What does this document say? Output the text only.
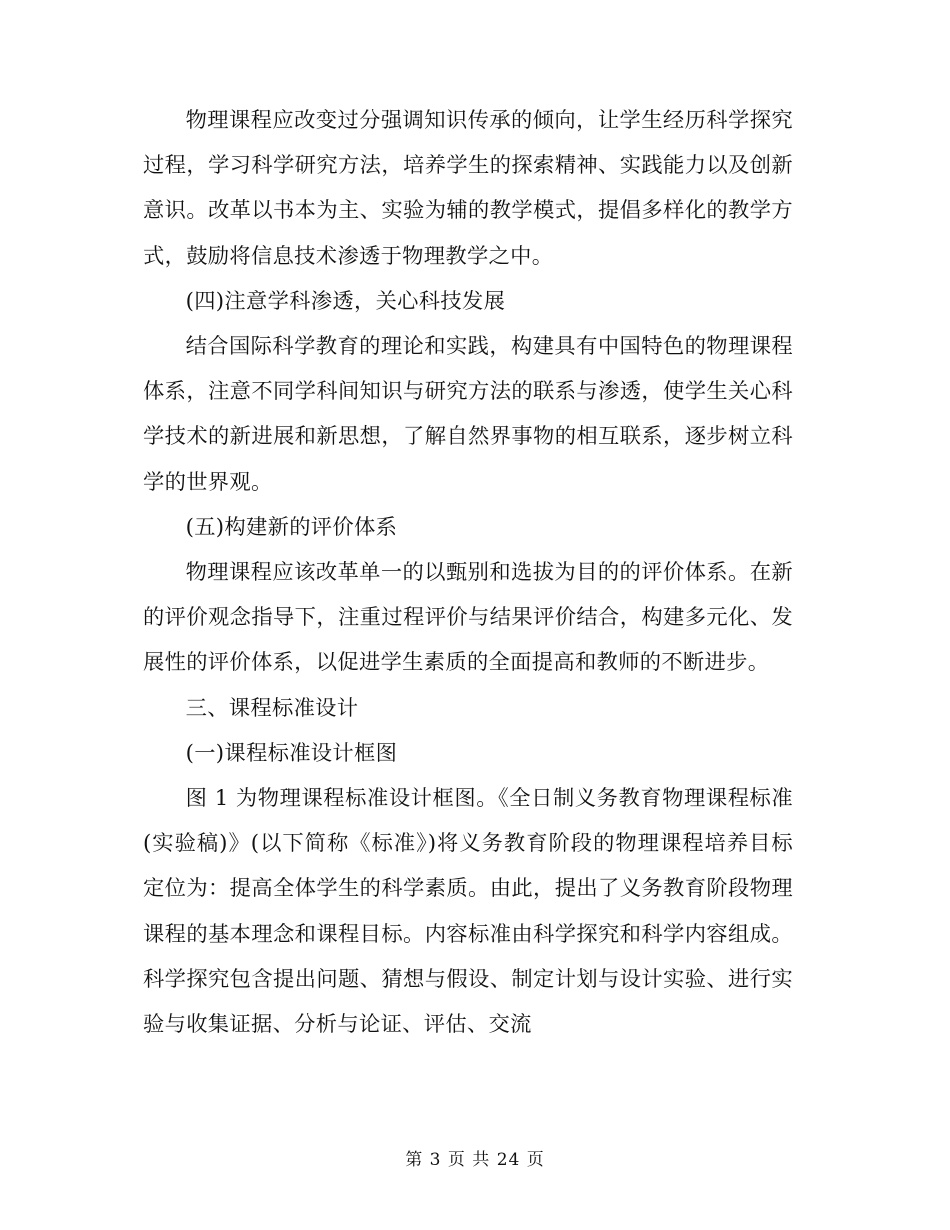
物理课程应改变过分强调知识传承的倾向，让学生经历科学探究过程，学习科学研究方法，培养学生的探索精神、实践能力以及创新意识。改革以书本为主、实验为辅的教学模式，提倡多样化的教学方式，鼓励将信息技术渗透于物理教学之中。

(四)注意学科渗透，关心科技发展

结合国际科学教育的理论和实践，构建具有中国特色的物理课程体系，注意不同学科间知识与研究方法的联系与渗透，使学生关心科学技术的新进展和新思想，了解自然界事物的相互联系，逐步树立科学的世界观。

(五)构建新的评价体系

物理课程应该改革单一的以甄别和选拔为目的的评价体系。在新的评价观念指导下，注重过程评价与结果评价结合，构建多元化、发展性的评价体系，以促进学生素质的全面提高和教师的不断进步。

三、课程标准设计

(一)课程标准设计框图

图 1 为物理课程标准设计框图。《全日制义务教育物理课程标准(实验稿)》(以下简称《标准》)将义务教育阶段的物理课程培养目标定位为：提高全体学生的科学素质。由此，提出了义务教育阶段物理课程的基本理念和课程目标。内容标准由科学探究和科学内容组成。科学探究包含提出问题、猜想与假设、制定计划与设计实验、进行实验与收集证据、分析与论证、评估、交流

第 3 页 共 24 页
